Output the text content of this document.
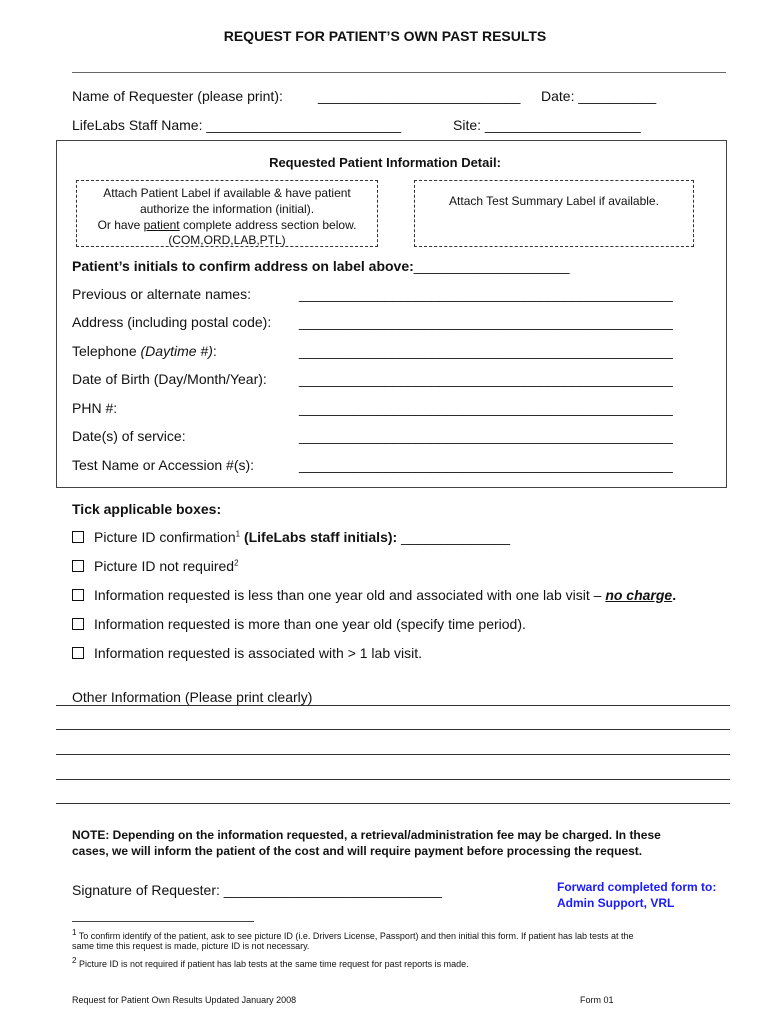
REQUEST FOR PATIENT’S OWN PAST RESULTS
Name of Requester (please print):	__________________________ Date: __________
LifeLabs Staff Name: _________________________	Site: ____________________
Requested Patient Information Detail:
Attach Patient Label if available & have patient
authorize the information (initial).
Or have patient complete address section below.
(COM,ORD,LAB,PTL)
Attach Test Summary Label if available.
Patient’s initials to confirm address on label above:____________________
Previous or alternate names:	________________________________________________
Address (including postal code): ________________________________________________
Telephone (Daytime #):	________________________________________________
Date of Birth (Day/Month/Year): ________________________________________________
PHN #:	________________________________________________
Date(s) of service:	________________________________________________
Test Name or Accession #(s):	________________________________________________
Tick applicable boxes:
Picture ID confirmation$^1$ (LifeLabs staff initials): ______________
Picture ID not required$^2$
Information requested is less than one year old and associated with one lab visit – no charge.
Information requested is more than one year old (specify time period).
Information requested is associated with > 1 lab visit.
Other Information (Please print clearly)
NOTE: Depending on the information requested, a retrieval/administration fee may be charged. In these
cases, we will inform the patient of the cost and will require payment before processing the request.
Signature of Requester: ____________________________	Forward completed form to:
Admin Support, VRL
$^1$ To confirm identify of the patient, ask to see picture ID (i.e. Drivers License, Passport) and then initial this form. If patient has lab tests at the
same time this request is made, picture ID is not necessary.
$^2$ Picture ID is not required if patient has lab tests at the same time request for past reports is made.
Request for Patient Own Results Updated January 2008	Form 01
